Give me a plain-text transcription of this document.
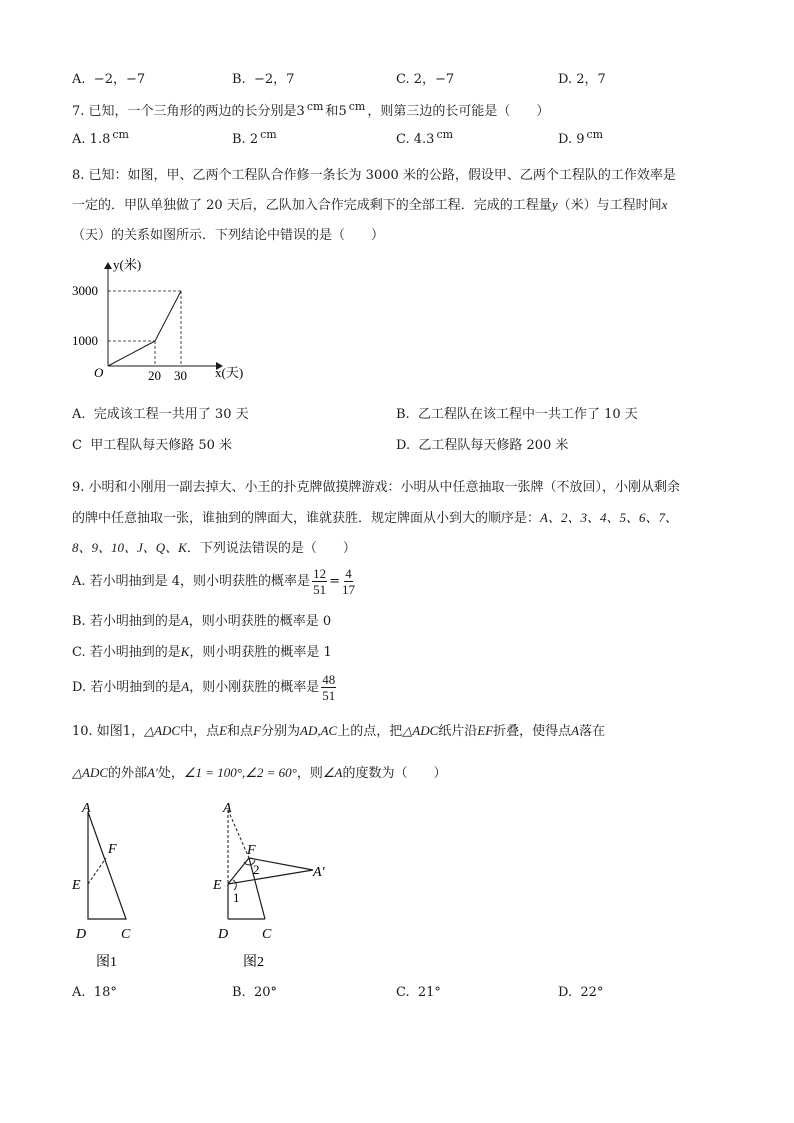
A. −2，−7	B. −2，7	C. 2，−7	D. 2，7
7. 已知，一个三角形的两边的长分别是3 $^{cm}$ 和5 $^{cm}$ ，则第三边的长可能是（　　）
A. 1.8 $^{cm}$	B. 2 $^{cm}$	C. 4.3 $^{cm}$	D. 9 $^{cm}$
8. 已知：如图，甲、乙两个工程队合作修一条长为 3000 米的公路，假设甲、乙两个工程队的工作效率是
一定的．甲队单独做了 20 天后，乙队加入合作完成剩下的全部工程．完成的工程量y（米）与工程时间x
（天）的关系如图所示．下列结论中错误的是（　　）
y(米)
3000
1000
O	20 30 x(天)
A. 完成该工程一共用了 30 天	B. 乙工程队在该工程中一共工作了 10 天
C 甲工程队每天修路 50 米	D. 乙工程队每天修路 200 米
9. 小明和小刚用一副去掉大、小王的扑克牌做摸牌游戏：小明从中任意抽取一张牌（不放回），小刚从剩余
的牌中任意抽取一张，谁抽到的牌面大，谁就获胜．规定牌面从小到大的顺序是：A、2、3、4、5、6、7、
8、9、10、J、Q、K．下列说法错误的是（　　）
A. 若小明抽到是 4，则小明获胜的概率是 $\frac{12}{51} = \frac{4}{17}$
B. 若小明抽到的是A，则小明获胜的概率是 0
C. 若小明抽到的是K，则小明获胜的概率是 1
D. 若小明抽到的是A，则小刚获胜的概率是 $\frac{48}{51}$
10. 如图1，△ADC中，点E和点F分别为AD,AC上的点，把△ADC纸片沿EF折叠，使得点A落在
△ADC的外部A′处，∠1 = 100°,∠2 = 60°，则∠A的度数为（　　）
A
F
E
D C
图1
A
F
2	A′
E
1
D C
图2
A. 18°	B. 20°	C. 21°	D. 22°
